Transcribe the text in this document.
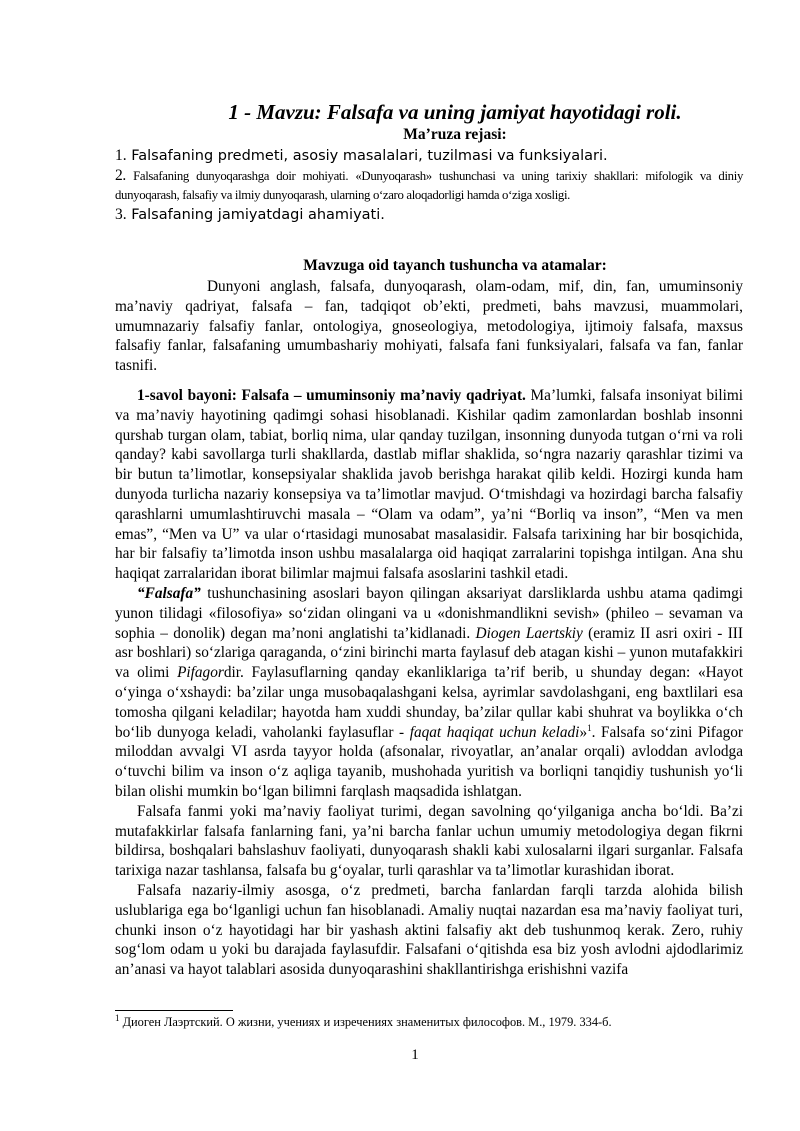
1 - Mavzu: Falsafa va uning jamiyat hayotidagi roli.
Ma’ruza rejasi:
1. Falsafaning predmeti, asosiy masalalari, tuzilmasi va funksiyalari.
2. Falsafaning dunyoqarashga doir mohiyati. «Dunyoqarash» tushunchasi va uning tarixiy shakllari: mifologik va diniy dunyoqarash, falsafiy va ilmiy dunyoqarash, ularning o‘zaro aloqadorligi hamda o‘ziga xosligi.
3. Falsafaning jamiyatdagi ahamiyati.
Mavzuga oid tayanch tushuncha va atamalar:
Dunyoni anglash, falsafa, dunyoqarash, olam-odam, mif, din, fan, umuminsoniy ma’naviy qadriyat, falsafa – fan, tadqiqot ob’ekti, predmeti, bahs mavzusi, muammolari, umumnazariy falsafiy fanlar, ontologiya, gnoseologiya, metodologiya, ijtimoiy falsafa, maxsus falsafiy fanlar, falsafaning umumbashariy mohiyati, falsafa fani funksiyalari, falsafa va fan, fanlar tasnifi.

1-savol bayoni: Falsafa – umuminsoniy ma’naviy qadriyat. Ma’lumki, falsafa insoniyat bilimi va ma’naviy hayotining qadimgi sohasi hisoblanadi. Kishilar qadim zamonlardan boshlab insonni qurshab turgan olam, tabiat, borliq nima, ular qanday tuzilgan, insonning dunyoda tutgan o‘rni va roli qanday? kabi savollarga turli shakllarda, dastlab miflar shaklida, so‘ngra nazariy qarashlar tizimi va bir butun ta’limotlar, konsepsiyalar shaklida javob berishga harakat qilib keldi. Hozirgi kunda ham dunyoda turlicha nazariy konsepsiya va ta’limotlar mavjud. O‘tmishdagi va hozirdagi barcha falsafiy qarashlarni umumlashtiruvchi masala – “Olam va odam”, ya’ni “Borliq va inson”, “Men va men emas”, “Men va U” va ular o‘rtasidagi munosabat masalasidir. Falsafa tarixining har bir bosqichida, har bir falsafiy ta’limotda inson ushbu masalalarga oid haqiqat zarralarini topishga intilgan. Ana shu haqiqat zarralaridan iborat bilimlar majmui falsafa asoslarini tashkil etadi.

“Falsafa” tushunchasining asoslari bayon qilingan aksariyat darsliklarda ushbu atama qadimgi yunon tilidagi «filosofiya» so‘zidan olingani va u «donishmandlikni sevish» (phileo – sevaman va sophia – donolik) degan ma’noni anglatishi ta’kidlanadi. Diogen Laertskiy (eramiz II asri oxiri - III asr boshlari) so‘zlariga qaraganda, o‘zini birinchi marta faylasuf deb atagan kishi – yunon mutafakkiri va olimi Pifagordir. Faylasuflarning qanday ekanliklariga ta’rif berib, u shunday degan: «Hayot o‘yinga o‘xshaydi: ba’zilar unga musobaqalashgani kelsa, ayrimlar savdolashgani, eng baxtlilari esa tomosha qilgani keladilar; hayotda ham xuddi shunday, ba’zilar qullar kabi shuhrat va boylikka o‘ch bo‘lib dunyoga keladi, vaholanki faylasuflar - faqat haqiqat uchun keladi»$^1$. Falsafa so‘zini Pifagor miloddan avvalgi VI asrda tayyor holda (afsonalar, rivoyatlar, an’analar orqali) avloddan avlodga o‘tuvchi bilim va inson o‘z aqliga tayanib, mushohada yuritish va borliqni tanqidiy tushunish yo‘li bilan olishi mumkin bo‘lgan bilimni farqlash maqsadida ishlatgan.

Falsafa fanmi yoki ma’naviy faoliyat turimi, degan savolning qo‘yilganiga ancha bo‘ldi. Ba’zi mutafakkirlar falsafa fanlarning fani, ya’ni barcha fanlar uchun umumiy metodologiya degan fikrni bildirsa, boshqalari bahslashuv faoliyati, dunyoqarash shakli kabi xulosalarni ilgari surganlar. Falsafa tarixiga nazar tashlansa, falsafa bu g‘oyalar, turli qarashlar va ta’limotlar kurashidan iborat.

Falsafa nazariy-ilmiy asosga, o‘z predmeti, barcha fanlardan farqli tarzda alohida bilish uslublariga ega bo‘lganligi uchun fan hisoblanadi. Amaliy nuqtai nazardan esa ma’naviy faoliyat turi, chunki inson o‘z hayotidagi har bir yashash aktini falsafiy akt deb tushunmoq kerak. Zero, ruhiy sog‘lom odam u yoki bu darajada faylasufdir. Falsafani o‘qitishda esa biz yosh avlodni ajdodlarimiz an’anasi va hayot talablari asosida dunyoqarashini shakllantirishga erishishni vazifa

$^1$ Диоген Лаэртский. О жизни, учениях и изречениях знаменитых философов. М., 1979. 334-б.
1
